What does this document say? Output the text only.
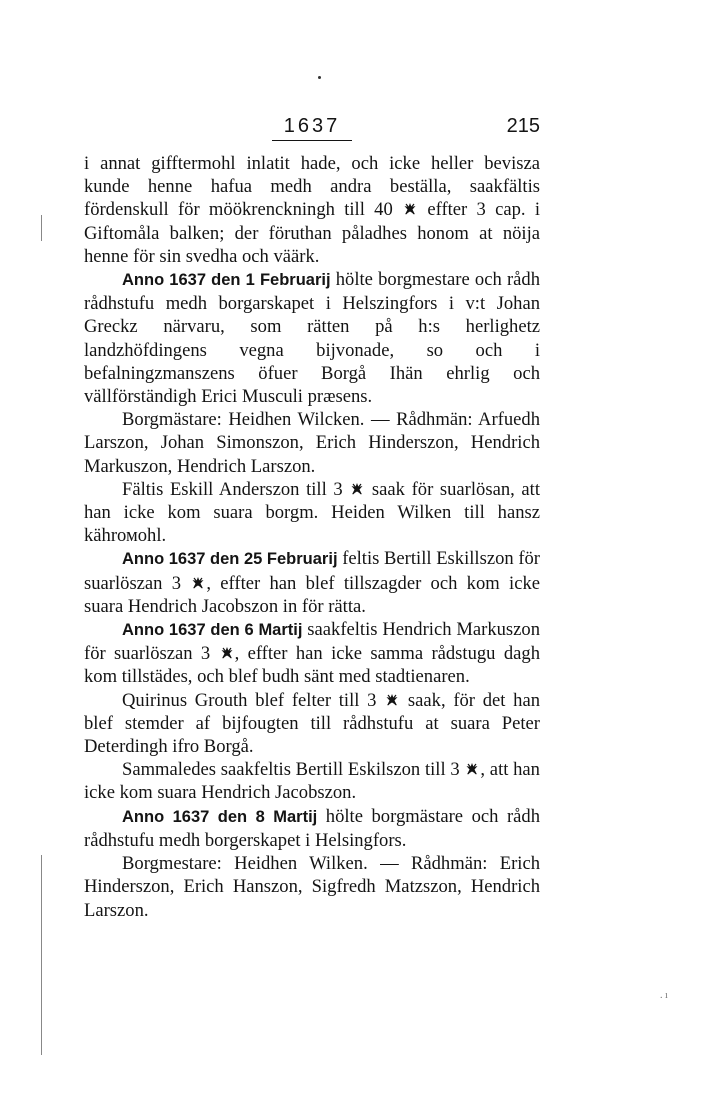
1637	215

i annat gifftermohl inlatit hade, och icke heller bevisza kunde henne hafua medh andra beställa, saakfältis fördenskull för möökrenckningh till 40
effter 3 cap. i Giftomåla balken; der föruthan påladhes honom at nöija henne för sin svedha och väärk.

Anno 1637 den 1 Februarij hölte borgmestare och rådh rådhstufu medh borgarskapet i Helszingfors i v:t Johan Greckz närvaru, som rätten på h:s herlighetz landzhöfdingens vegna bijvonade, so och i befalningzmanszens öfuer Borgå Ihän ehrlig och vällförständigh Erici Musculi præsens.

Borgmästare: Heidhen Wilcken. — Rådhmän: Arfuedh Larszon, Johan Simonszon, Erich Hinderszon, Hendrich Markuszon, Hendrich Larszon.

Fältis Eskill Anderszon till 3
saak för suarlösan, att han icke kom suara borgm. Heiden Wilken till hansz kährомohl.

Anno 1637 den 25 Februarij feltis Bertill Eskillszon för suarlöszan 3
, effter han blef tillszagder och kom icke suara Hendrich Jacobszon in för rätta.

Anno 1637 den 6 Martij saakfeltis Hendrich Markuszon för suarlöszan 3
, effter han icke samma rådstugu dagh kom tillstädes, och blef budh sänt med stadtienaren.

Quirinus Grouth blef felter till 3
saak, för det han blef stemder af bijfougten till rådhstufu at suara Peter Deterdingh ifro Borgå.

Sammaledes saakfeltis Bertill Eskilszon till 3
, att han icke kom suara Hendrich Jacobszon.

Anno 1637 den 8 Martij hölte borgmästare och rådh rådhstufu medh borgerskapet i Helsingfors.

Borgmestare: Heidhen Wilken. — Rådhmän: Erich Hinderszon, Erich Hanszon, Sigfredh Matzszon, Hendrich Larszon.

. ı
